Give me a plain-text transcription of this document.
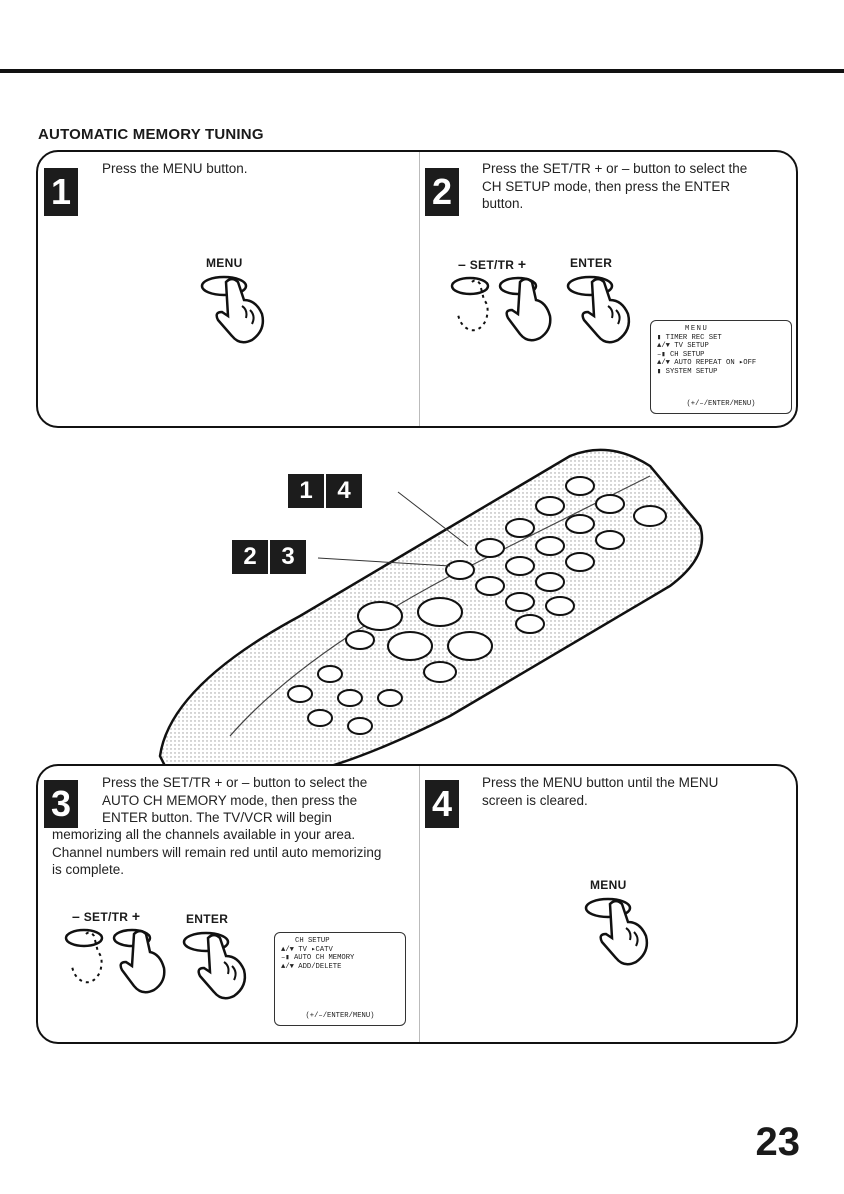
AUTOMATIC MEMORY TUNING
1

Press the MENU button.

MENU
2

Press the SET/TR + or – button to select the
CH SETUP mode, then press the ENTER
button.

– SET/TR +	ENTER
MENU
▮ TIMER REC SET
▲/▼ TV SETUP
–▮ CH SETUP
▲/▼ AUTO REPEAT ON ▸OFF
▮ SYSTEM SETUP
(+/–/ENTER/MENU)
1	4
2	3
3

Press the SET/TR + or – button to select the
AUTO CH MEMORY mode, then press the
ENTER button. The TV/VCR will begin

memorizing all the channels available in your area.
Channel numbers will remain red until auto memorizing
is complete.

– SET/TR +	ENTER
CH SETUP
▲/▼ TV ▸CATV
–▮ AUTO CH MEMORY
▲/▼ ADD/DELETE
(+/–/ENTER/MENU)
4

Press the MENU button until the MENU
screen is cleared.

MENU

23
